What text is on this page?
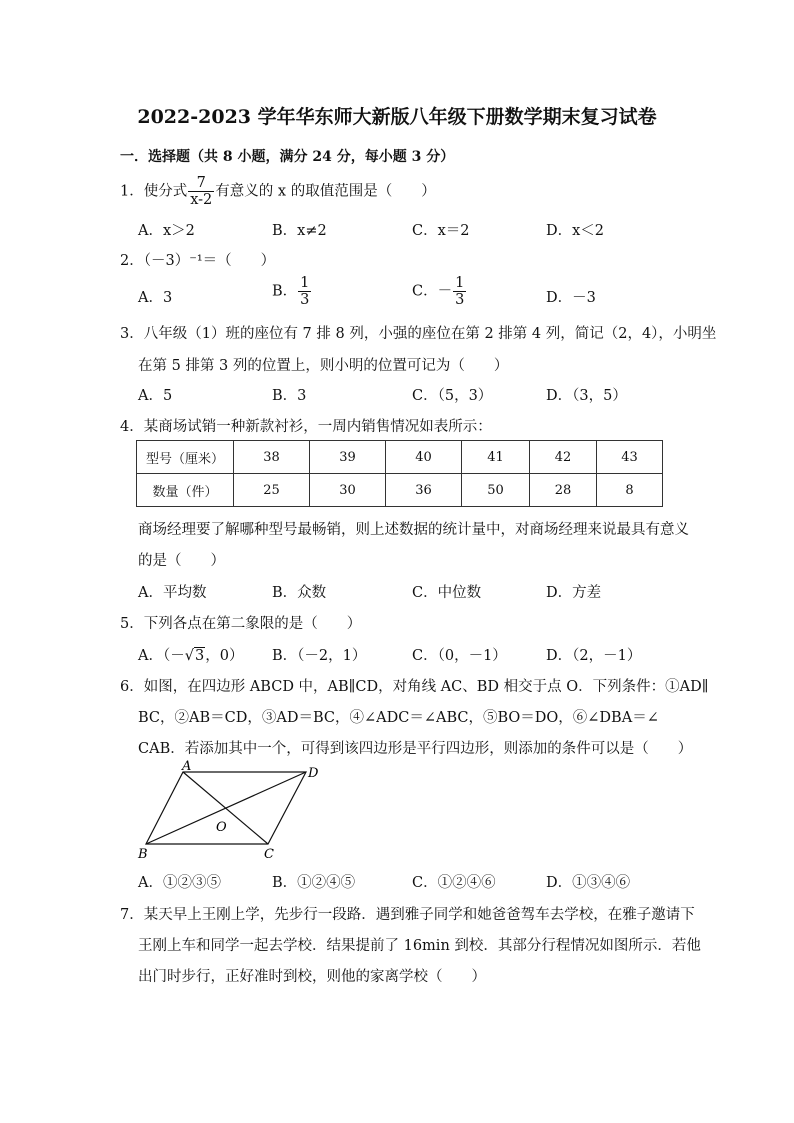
2022-2023 学年华东师大新版八年级下册数学期末复习试卷
一．选择题（共 8 小题，满分 24 分，每小题 3 分）
1．使分式 $\frac{7}{x-2}$ 有意义的 x 的取值范围是（　　）
A．x＞2	B．x≠2	C．x＝2	D．x＜2
2．（－3）⁻¹＝（　　）
A．3	B． $\frac{1}{3}$	C．－ $\frac{1}{3}$	D．－3
3．八年级（1）班的座位有 7 排 8 列，小强的座位在第 2 排第 4 列，简记（2，4），小明坐
在第 5 排第 3 列的位置上，则小明的位置可记为（　　）
A．5	B．3	C．（5，3）	D．（3，5）
4．某商场试销一种新款衬衫，一周内销售情况如表所示：
型号（厘米）	38	39	40	41	42	43
数量（件）	25	30	36	50	28	8
商场经理要了解哪种型号最畅销，则上述数据的统计量中，对商场经理来说最具有意义
的是（　　）
A．平均数	B．众数	C．中位数	D．方差
5．下列各点在第二象限的是（　　）
A．（－√3，0） B．（－2，1）	C．（0，－1）	D．（2，－1）
6．如图，在四边形 ABCD 中，AB∥CD，对角线 AC、BD 相交于点 O．下列条件：①AD∥
BC，②AB＝CD，③AD＝BC，④∠ADC＝∠ABC，⑤BO＝DO，⑥∠DBA＝∠
CAB．若添加其中一个，可得到该四边形是平行四边形，则添加的条件可以是（　　）
A	D
B	C
O
A．①②③⑤	B．①②④⑤	C．①②④⑥	D．①③④⑥
7．某天早上王刚上学，先步行一段路．遇到雅子同学和她爸爸驾车去学校，在雅子邀请下
王刚上车和同学一起去学校．结果提前了 16min 到校．其部分行程情况如图所示．若他
出门时步行，正好准时到校，则他的家离学校（　　）
